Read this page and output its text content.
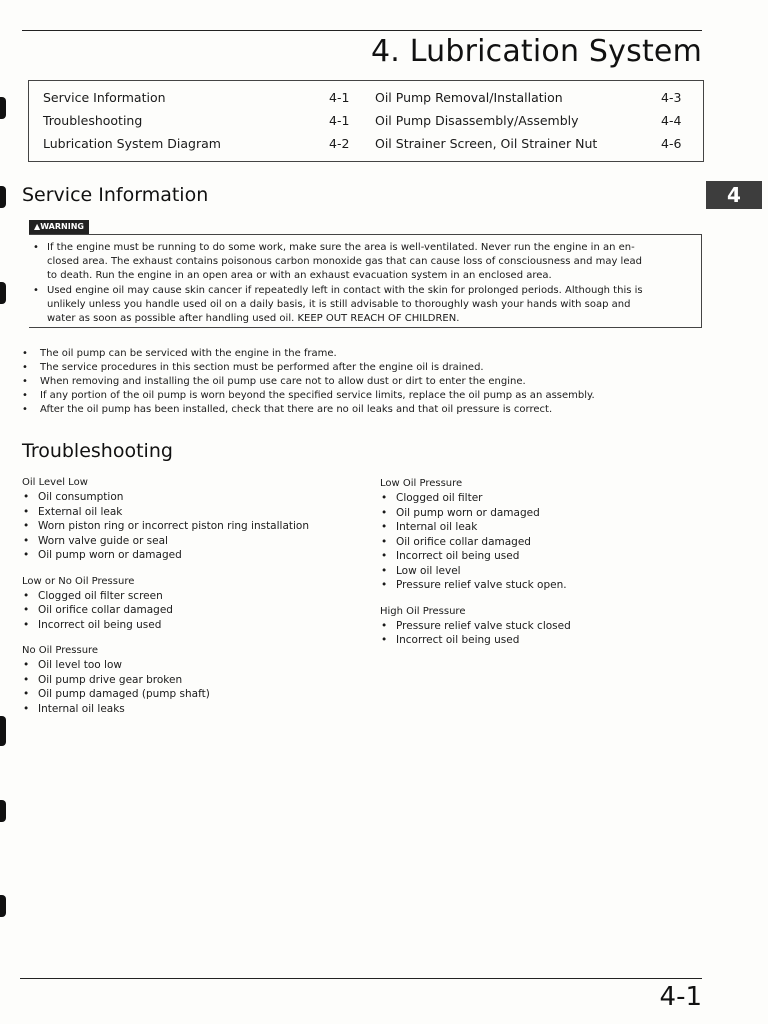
4. Lubrication System
Service Information	4-1 Oil Pump Removal/Installation	4-3
Troubleshooting	4-1 Oil Pump Disassembly/Assembly	4-4
Lubrication System Diagram	4-2 Oil Strainer Screen, Oil Strainer Nut	4-6
4
Service Information
▲WARNING
• If the engine must be running to do some work, make sure the area is well-ventilated. Never run the engine in an en-
closed area. The exhaust contains poisonous carbon monoxide gas that can cause loss of consciousness and may lead
to death. Run the engine in an open area or with an exhaust evacuation system in an enclosed area.
• Used engine oil may cause skin cancer if repeatedly left in contact with the skin for prolonged periods. Although this is
unlikely unless you handle used oil on a daily basis, it is still advisable to thoroughly wash your hands with soap and
water as soon as possible after handling used oil. KEEP OUT REACH OF CHILDREN.
• The oil pump can be serviced with the engine in the frame.
• The service procedures in this section must be performed after the engine oil is drained.
• When removing and installing the oil pump use care not to allow dust or dirt to enter the engine.
• If any portion of the oil pump is worn beyond the specified service limits, replace the oil pump as an assembly.
• After the oil pump has been installed, check that there are no oil leaks and that oil pressure is correct.
Troubleshooting
Oil Level Low
• Oil consumption
• External oil leak
• Worn piston ring or incorrect piston ring installation
• Worn valve guide or seal
• Oil pump worn or damaged
Low or No Oil Pressure
• Clogged oil filter screen
• Oil orifice collar damaged
• Incorrect oil being used
No Oil Pressure
• Oil level too low
• Oil pump drive gear broken
• Oil pump damaged (pump shaft)
• Internal oil leaks
Low Oil Pressure
• Clogged oil filter
• Oil pump worn or damaged
• Internal oil leak
• Oil orifice collar damaged
• Incorrect oil being used
• Low oil level
• Pressure relief valve stuck open.
High Oil Pressure
• Pressure relief valve stuck closed
• Incorrect oil being used
4-1
